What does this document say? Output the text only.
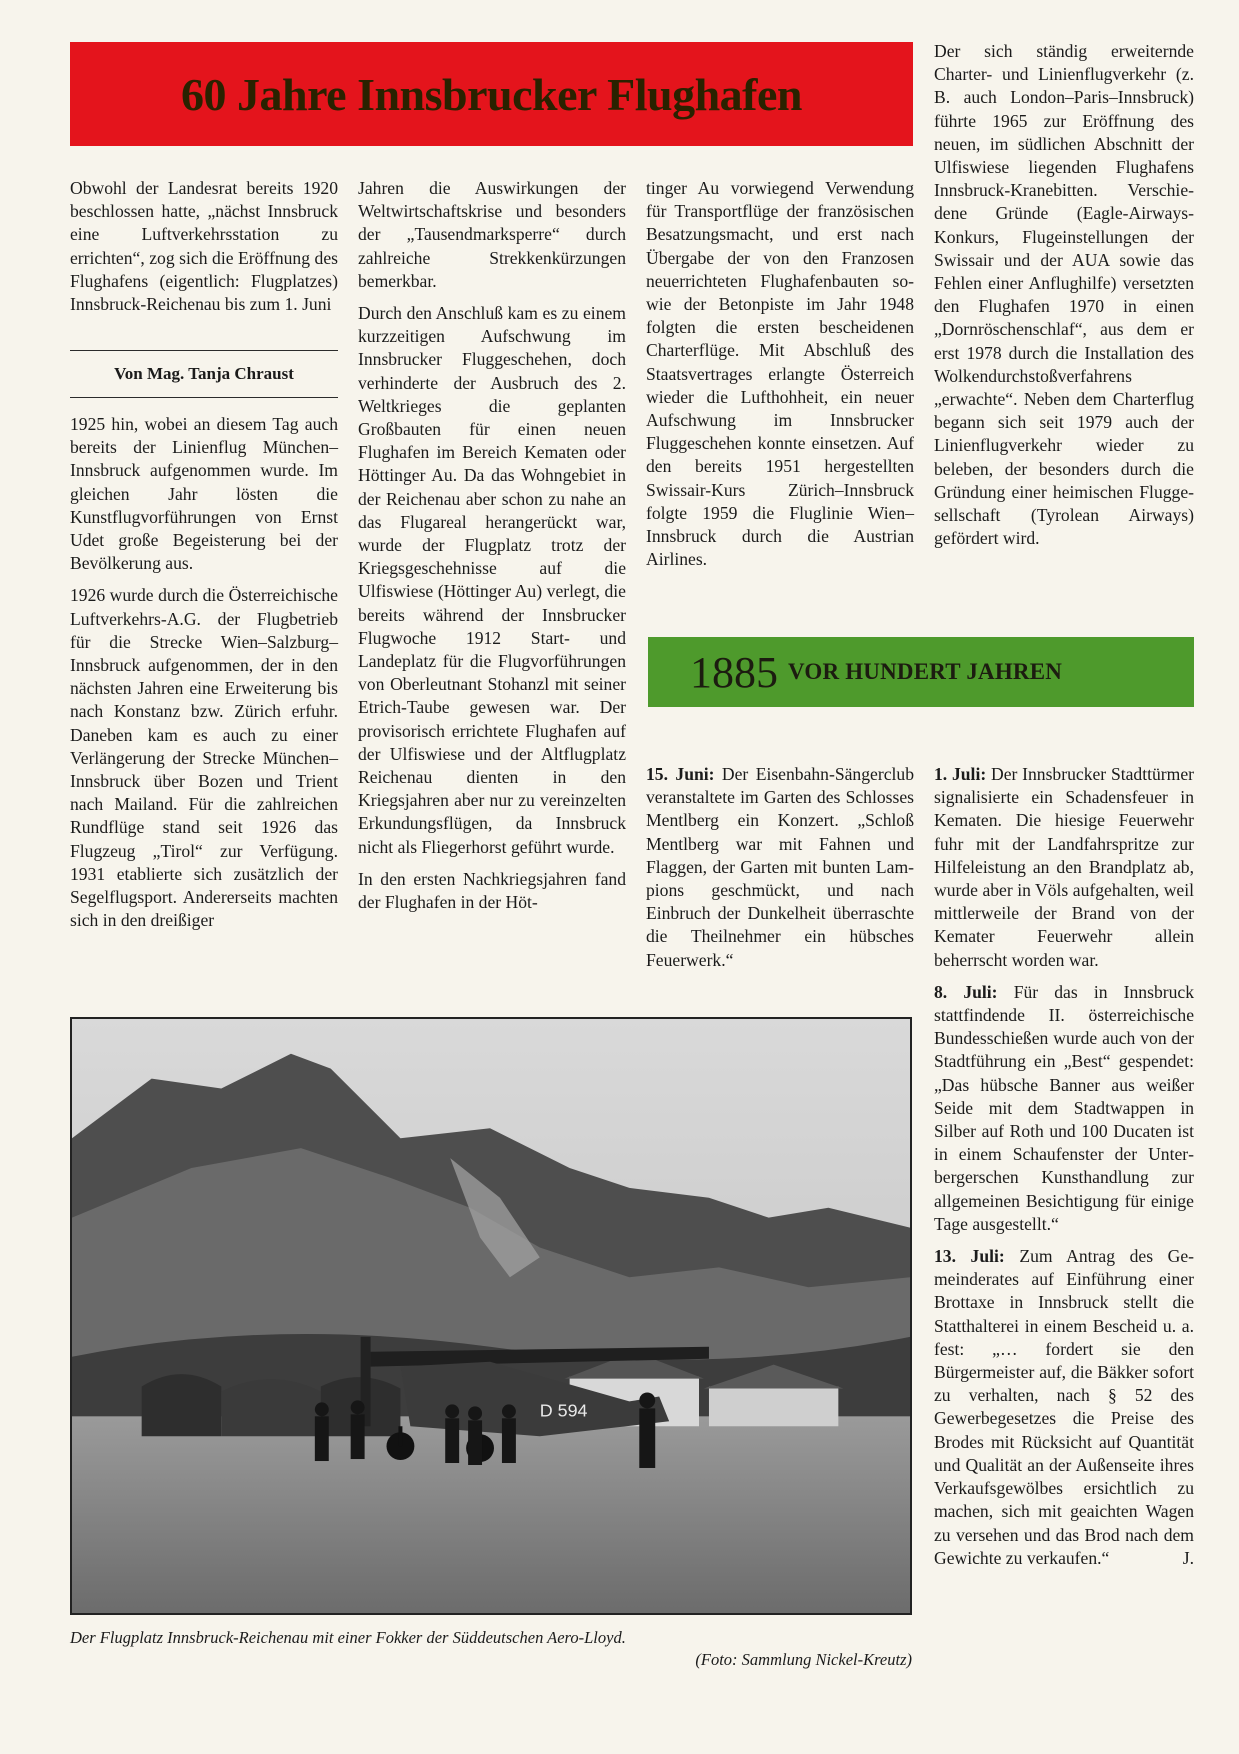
60 Jahre Innsbrucker Flughafen

Obwohl der Landesrat bereits 1920 beschlossen hatte, „nächst Innsbruck eine Luftverkehrsstation zu errichten“, zog sich die Eröffnung des Flughafens (eigentlich: Flugplatzes) Innsbruck-Reichenau bis zum 1. Juni

Von Mag. Tanja Chraust

1925 hin, wobei an diesem Tag auch bereits der Linienflug München–Innsbruck aufgenommen wurde. Im gleichen Jahr lösten die Kunstflugvorführungen von Ernst Udet große Begeisterung bei der Bevölkerung aus.

1926 wurde durch die Österreichische Luftverkehrs-A.G. der Flugbetrieb für die Strecke Wien–Salzburg–Innsbruck aufgenommen, der in den nächsten Jahren eine Erweiterung bis nach Konstanz bzw. Zürich erfuhr. Daneben kam es auch zu einer Verlängerung der Strecke München–Innsbruck über Bozen und Trient nach Mailand. Für die zahlreichen Rundflüge stand seit 1926 das Flugzeug „Tirol“ zur Verfügung. 1931 etablierte sich zusätzlich der Segelflugsport. Andererseits machten sich in den dreißiger

Jahren die Auswirkungen der Weltwirtschaftskrise und besonders der „Tausendmarksperre“ durch zahlreiche Strekkenkürzungen bemerkbar.

Durch den Anschluß kam es zu einem kurzzeitigen Aufschwung im Innsbrucker Fluggeschehen, doch verhinderte der Ausbruch des 2. Weltkrieges die geplanten Großbauten für einen neuen Flughafen im Bereich Kematen oder Höttinger Au. Da das Wohngebiet in der Reichenau aber schon zu nahe an das Flugareal herangerückt war, wurde der Flugplatz trotz der Kriegsgeschehnisse auf die Ulfiswiese (Höttinger Au) verlegt, die bereits während der Innsbrucker Flugwoche 1912 Start- und Landeplatz für die Flugvorführungen von Oberleutnant Stohanzl mit seiner Etrich-Taube gewesen war. Der provisorisch errichtete Flughafen auf der Ulfiswiese und der Altflugplatz Reichenau dienten in den Kriegsjahren aber nur zu vereinzelten Erkundungsflügen, da Innsbruck nicht als Fliegerhorst geführt wurde.

In den ersten Nachkriegsjahren fand der Flughafen in der Höt-

tinger Au vorwiegend Verwendung für Transportflüge der französischen Besatzungsmacht, und erst nach Übergabe der von den Franzosen neuerrichteten Flughafenbauten sowie der Betonpiste im Jahr 1948 folgten die ersten bescheidenen Charterflüge. Mit Abschluß des Staatsvertrages erlangte Österreich wieder die Lufthohheit, ein neuer Aufschwung im Innsbrucker Fluggeschehen konnte einsetzen. Auf den bereits 1951 hergestellten Swissair-Kurs Zürich–Innsbruck folgte 1959 die Fluglinie Wien–Innsbruck durch die Austrian Airlines.

Der sich ständig erweiternde Charter- und Linienflugverkehr (z. B. auch London–Paris–Innsbruck) führte 1965 zur Eröffnung des neuen, im südlichen Abschnitt der Ulfiswiese liegenden Flughafens Innsbruck-Kranebitten. Verschiedene Gründe (Eagle-Airways-Konkurs, Flugeinstellungen der Swissair und der AUA sowie das Fehlen einer Anflughilfe) versetzten den Flughafen 1970 in einen „Dornröschenschlaf“, aus dem er erst 1978 durch die Installation des Wolkendurchstoßverfahrens „erwachte“. Neben dem Charterflug begann sich seit 1979 auch der Linienflugverkehr wieder zu beleben, der besonders durch die Gründung einer heimischen Fluggesellschaft (Tyrolean Airways) gefördert wird.

1885 VOR HUNDERT JAHREN

15. Juni: Der Eisenbahn-Sängerclub veranstaltete im Garten des Schlosses Mentlberg ein Konzert. „Schloß Mentlberg war mit Fahnen und Flaggen, der Garten mit bunten Lampions geschmückt, und nach Einbruch der Dunkelheit überraschte die Theilnehmer ein hübsches Feuerwerk.“

1. Juli: Der Innsbrucker Stadttürmer signalisierte ein Schadensfeuer in Kematen. Die hiesige Feuerwehr fuhr mit der Landfahrspritze zur Hilfeleistung an den Brandplatz ab, wurde aber in Völs aufgehalten, weil mittlerweile der Brand von der Kemater Feuerwehr allein beherrscht worden war.

8. Juli: Für das in Innsbruck stattfindende II. österreichische Bundesschießen wurde auch von der Stadtführung ein „Best“ gespendet: „Das hübsche Banner aus weißer Seide mit dem Stadtwappen in Silber auf Roth und 100 Ducaten ist in einem Schaufenster der Unterbergerschen Kunsthandlung zur allgemeinen Besichtigung für einige Tage ausgestellt.“

13. Juli: Zum Antrag des Gemeinderates auf Einführung einer Brottaxe in Innsbruck stellt die Statthalterei in einem Bescheid u. a. fest: „… fordert sie den Bürgermeister auf, die Bäkker sofort zu verhalten, nach § 52 des Gewerbegesetzes die Preise des Brodes mit Rücksicht auf Quantität und Qualität an der Außenseite ihres Verkaufsgewölbes ersichtlich zu machen, sich mit geaichten Wagen zu versehen und das Brod nach dem Gewichte zu verkaufen.“	J.

D 594
Der Flugplatz Innsbruck-Reichenau mit einer Fokker der Süddeutschen Aero-Lloyd.
(Foto: Sammlung Nickel-Kreutz)
